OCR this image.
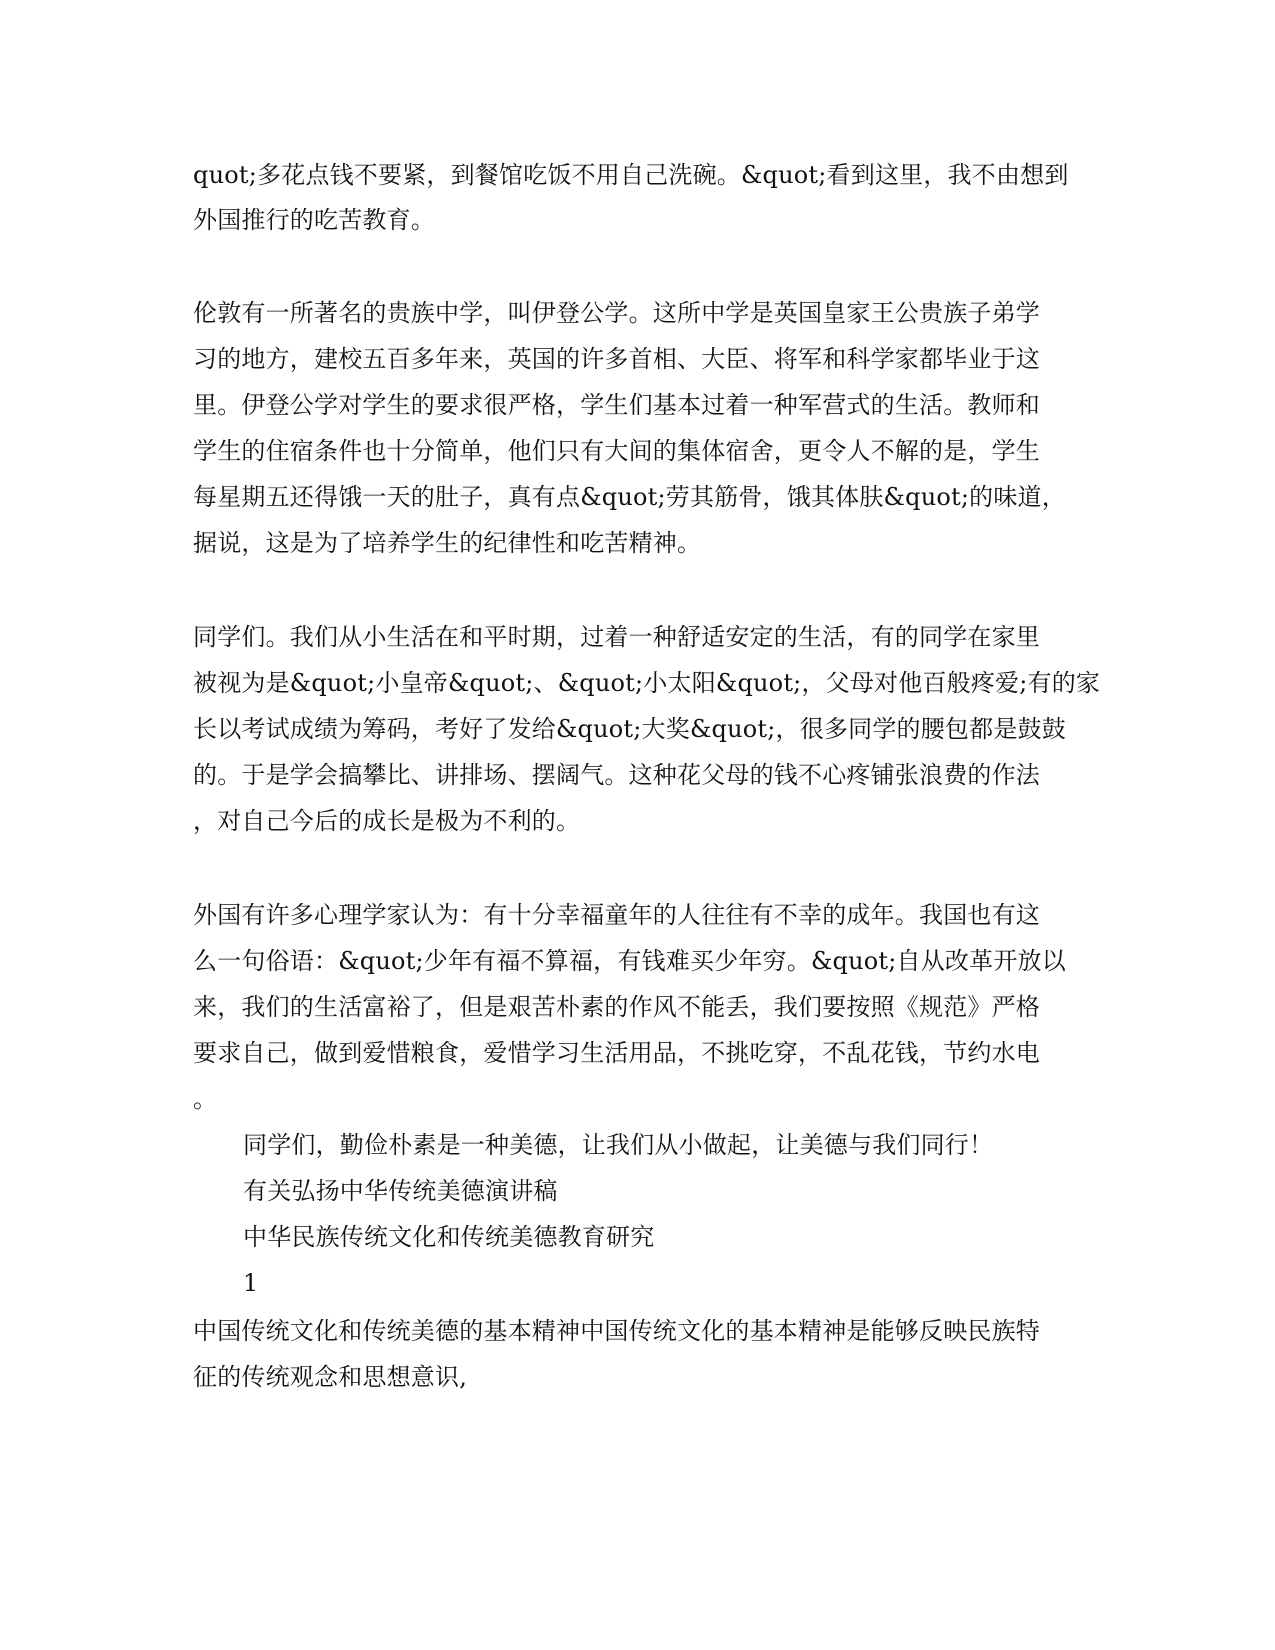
quot;多花点钱不要紧，到餐馆吃饭不用自己洗碗。&quot;看到这里，我不由想到
外国推行的吃苦教育。
伦敦有一所著名的贵族中学，叫伊登公学。这所中学是英国皇家王公贵族子弟学
习的地方，建校五百多年来，英国的许多首相、大臣、将军和科学家都毕业于这
里。伊登公学对学生的要求很严格，学生们基本过着一种军营式的生活。教师和
学生的住宿条件也十分简单，他们只有大间的集体宿舍，更令人不解的是，学生
每星期五还得饿一天的肚子，真有点&quot;劳其筋骨，饿其体肤&quot;的味道，
据说，这是为了培养学生的纪律性和吃苦精神。
同学们。我们从小生活在和平时期，过着一种舒适安定的生活，有的同学在家里
被视为是&quot;小皇帝&quot;、&quot;小太阳&quot;，父母对他百般疼爱;有的家
长以考试成绩为筹码，考好了发给&quot;大奖&quot;，很多同学的腰包都是鼓鼓
的。于是学会搞攀比、讲排场、摆阔气。这种花父母的钱不心疼铺张浪费的作法
，对自己今后的成长是极为不利的。
外国有许多心理学家认为：有十分幸福童年的人往往有不幸的成年。我国也有这
么一句俗语：&quot;少年有福不算福，有钱难买少年穷。&quot;自从改革开放以
来，我们的生活富裕了，但是艰苦朴素的作风不能丢，我们要按照《规范》严格
要求自己，做到爱惜粮食，爱惜学习生活用品，不挑吃穿，不乱花钱，节约水电
。
同学们，勤俭朴素是一种美德，让我们从小做起，让美德与我们同行！
有关弘扬中华传统美德演讲稿
中华民族传统文化和传统美德教育研究
1
中国传统文化和传统美德的基本精神中国传统文化的基本精神是能够反映民族特
征的传统观念和思想意识,
